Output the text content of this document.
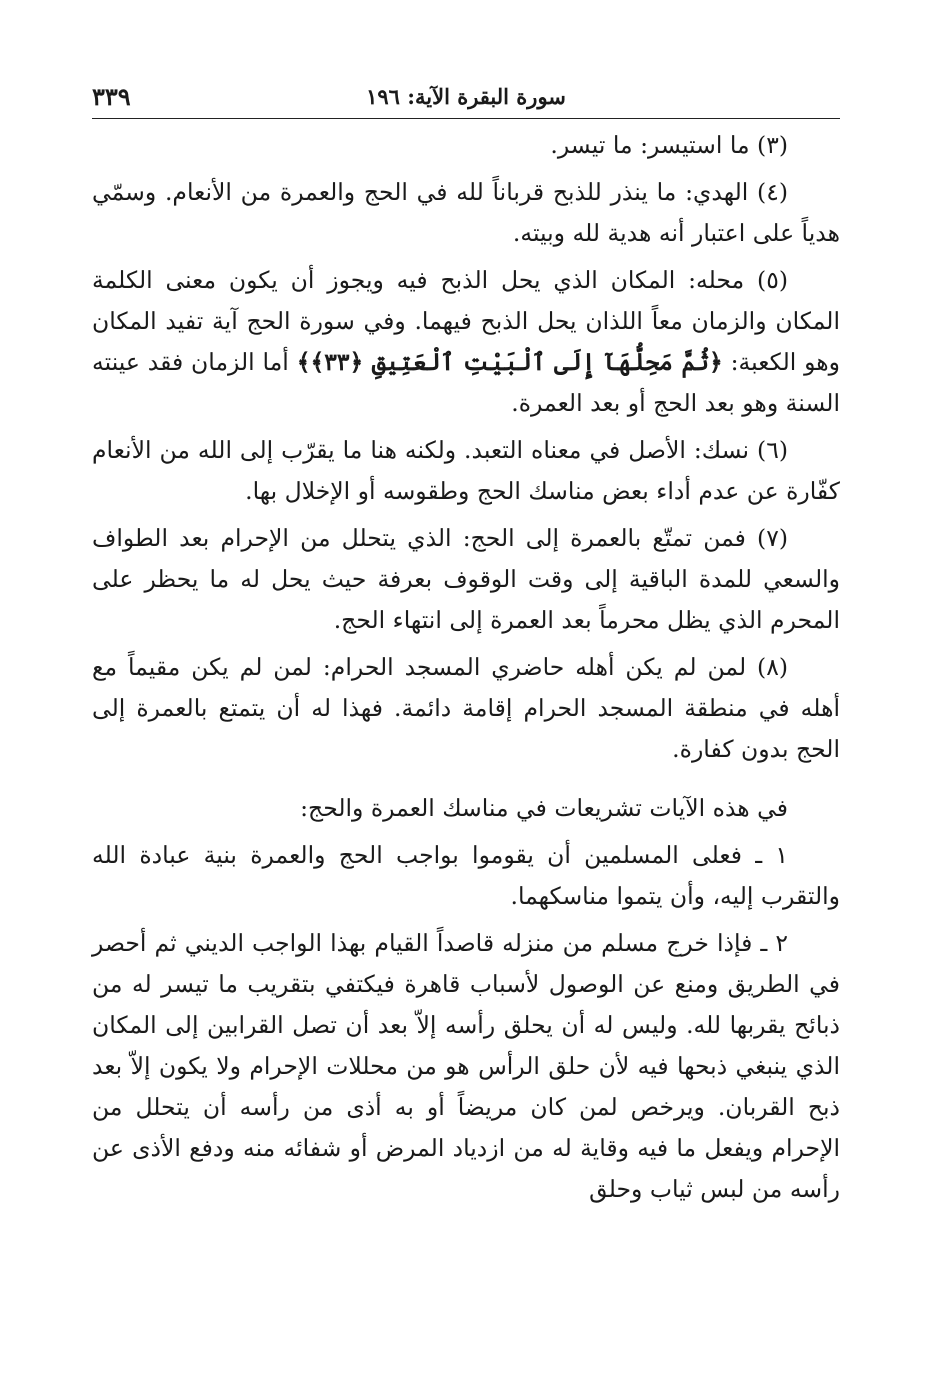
سورة البقرة الآية: ١٩٦
٣٣٩

(٣) ما استيسر: ما تيسر.

(٤) الهدي: ما ينذر للذبح قرباناً لله في الحج والعمرة من الأنعام. وسمّي هدياً على اعتبار أنه هدية لله وبيته.

(٥) محله: المكان الذي يحل الذبح فيه ويجوز أن يكون معنى الكلمة المكان والزمان معاً اللذان يحل الذبح فيهما. وفي سورة الحج آية تفيد المكان وهو الكعبة: ﴿ثُمَّ مَحِلُّهَآ إِلَى ٱلْبَيْتِ ٱلْعَتِيقِ ﴿٣٣﴾﴾ أما الزمان فقد عينته السنة وهو بعد الحج أو بعد العمرة.

(٦) نسك: الأصل في معناه التعبد. ولكنه هنا ما يقرّب إلى الله من الأنعام كفّارة عن عدم أداء بعض مناسك الحج وطقوسه أو الإخلال بها.

(٧) فمن تمتّع بالعمرة إلى الحج: الذي يتحلل من الإحرام بعد الطواف والسعي للمدة الباقية إلى وقت الوقوف بعرفة حيث يحل له ما يحظر على المحرم الذي يظل محرماً بعد العمرة إلى انتهاء الحج.

(٨) لمن لم يكن أهله حاضري المسجد الحرام: لمن لم يكن مقيماً مع أهله في منطقة المسجد الحرام إقامة دائمة. فهذا له أن يتمتع بالعمرة إلى الحج بدون كفارة.

في هذه الآيات تشريعات في مناسك العمرة والحج:

١ ـ فعلى المسلمين أن يقوموا بواجب الحج والعمرة بنية عبادة الله والتقرب إليه، وأن يتموا مناسكهما.

٢ ـ فإذا خرج مسلم من منزله قاصداً القيام بهذا الواجب الديني ثم أحصر في الطريق ومنع عن الوصول لأسباب قاهرة فيكتفي بتقريب ما تيسر له من ذبائح يقربها لله. وليس له أن يحلق رأسه إلاّ بعد أن تصل القرابين إلى المكان الذي ينبغي ذبحها فيه لأن حلق الرأس هو من محللات الإحرام ولا يكون إلاّ بعد ذبح القربان. ويرخص لمن كان مريضاً أو به أذى من رأسه أن يتحلل من الإحرام ويفعل ما فيه وقاية له من ازدياد المرض أو شفائه منه ودفع الأذى عن رأسه من لبس ثياب وحلق
